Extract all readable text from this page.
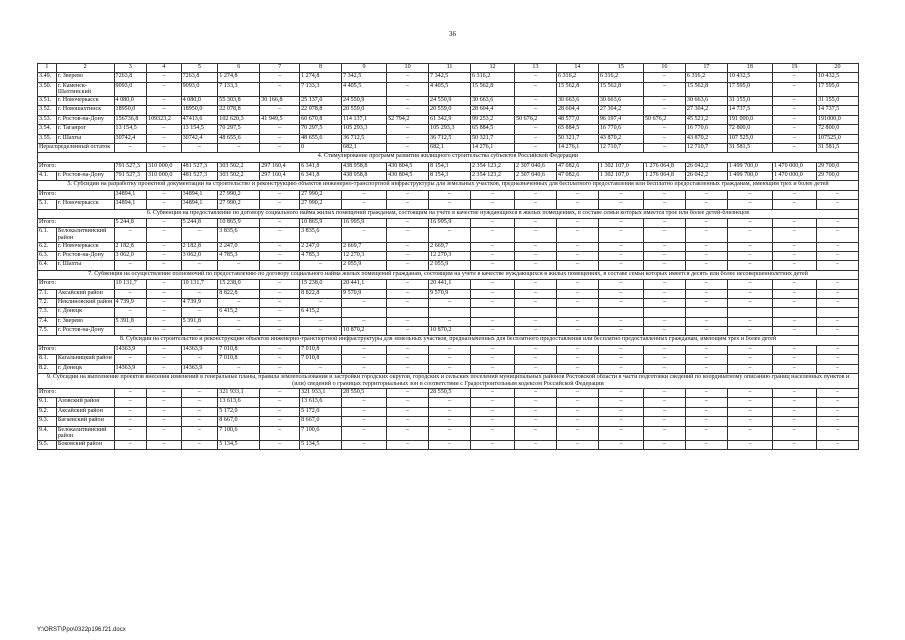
36
1	2	3	4	5	6	7	8	9	10	11	12	13	14	15	16	17	18	19	20
3.49.	г. Зверево	7263,8	–	7263,8	1 274,8	–	1 274,8	7 342,5	–	7 342,5	6 316,2	–	6 316,2	6 316,2	–	6 316,2	10 432,5	–	10 432,5
3.50.	г. Каменск-Шахтинский	9093,0	–	9093,0	7 133,3	–	7 133,3	4 405,5	–	4 405,5	15 562,8	–	15 562,8	15 562,8	–	15 562,8	17 595,0	–	17 595,0
3.51.	г. Новочеркасск	4 080,0	–	4 080,0	55 303,8	30 166,8	25 137,0	24 550,9	–	24 550,9	30 663,6	–	30 663,6	30 663,6	–	30 663,6	31 155,0	–	31 155,0
3.52.	г. Новошахтинск	18950,0	–	18950,0	22 078,8	–	22 078,8	20 559,0	–	20 559,0	28 604,4	–	28 604,4	27 304,2	–	27 304,2	14 737,5	–	14 737,5
3.53.	г. Ростов-на-Дону	156736,8	109323,2	47413,6	102 620,3	41 949,5	60 670,8	114 137,1	52 794,2	61 342,9	99 253,2	50 676,2	48 577,0	96 197,4	50 676,2	45 521,2	191 000,0	–	191000,0
3.54.	г. Таганрог	13 154,5	–	13 154,5	70 297,5	–	70 297,5	105 293,3	–	105 293,3	65 884,5	–	65 884,5	16 770,6	–	16 770,6	72 800,0	–	72 800,0
3.55.	г. Шахты	30742,4	–	30742,4	48 655,6	–	48 655,6	36 712,5	–	36 712,5	50 321,7	–	50 321,7	43 870,2	–	43 870,2	107 525,0	–	107525,0
Нераспределенный остаток		–	–	–	–	–	0	682,1	–	682,1	14 276,1	–	14 276,1	12 710,7	–	12 710,7	31 581,5	–	31 581,5
4. Стимулирование программ развития жилищного строительства субъектов Российской Федерации																			
Итого:		791 527,3	310 000,0	481 527,3	303 502,2	297 160,4	6 341,8	438 958,8	430 804,5	8 154,3	2 354 123,2	2 307 040,6	47 082,6	1 302 107,0	1 276 064,8	26 042,2	1 499 700,0	1 470 000,0	29 700,0
4.1.	г. Ростов-на-Дону	791 527,3	310 000,0	481 527,3	303 502,2	297 160,4	6 341,8	438 958,8	430 804,5	8 154,3	2 354 123,2	2 307 040,6	47 082,6	1 302 107,0	1 276 064,8	26 042,2	1 499 700,0	1 470 000,0	29 700,0
5. Субсидии на разработку проектной документации на строительство и реконструкцию объектов инженерно-транспортной инфраструктуры для земельных участков, предназначенных для бесплатного предоставления или бесплатно предоставленных гражданам, имеющим трех и более детей																			
Итого:		34894,1	–	34894,1	27 990,2	–	27 990,2	–	–	–	–	–	–	–	–	–	–	–	–
5.1.	г. Новочеркасск	34894,1	–	34894,1	27 990,2	–	27 990,2	–	–	–	–	–	–	–	–	–	–	–	–
6. Субвенция на предоставление по договору социального найма жилых помещений гражданам, состоящим на учете в качестве нуждающихся в жилых помещениях, в составе семьи которых имеется трое или более детей-близнецов																			
Итого:		5 244,8	–	5 244,8	10 865,9	–	10 865,9	16 995,9	–	16 995,9	–	–	–	–	–	–	–	–	–
6.1.	Белокалитвинский район	–	–	–	3 835,6	–	3 835,6	–	–	–	–	–	–	–	–	–	–	–	–
6.2.	г. Новочеркасск	2 182,8	–	2 182,8	2 247,0	–	2 247,0	2 669,7	–	2 669,7	–	–	–	–	–	–	–	–	–
6.3.	г. Ростов-на-Дону	3 062,0	–	3 062,0	4 785,3	–	4 785,3	12 270,3	–	12 270,3	–	–	–	–	–	–	–	–	–
6.4.	г. Шахты	–	–	–	–	–	–	2 055,9	–	2 055,9	–	–	–	–	–	–	–	–	–
7. Субвенция на осуществление полномочий по предоставлению по договору социального найма жилых помещений гражданам, состоящим на учете в качестве нуждающихся в жилых помещениях, в составе семьи которых имеется десять или более несовершеннолетних детей																			
Итого:		10 131,7	–	10 131,7	15 238,0	–	15 238,0	20 441,1	–	20 441,1	–	–	–	–	–	–	–	–	–
7.1.	Аксайский район	–	–	–	8 822,8	–	8 822,8	9 570,9	–	9 570,9	–	–	–	–	–	–	–	–	–
7.2.	Неклиновский район	4 739,9	–	4 739,9	–	–	–	–	–	–	–	–	–	–	–	–	–	–	–
7.3.	г. Донецк	–	–	–	6 415,2	–	6 415,2												
7.4.	г. Зверево	5 391,8	–	5 391,8	–	–	–	–	–	–	–	–	–	–	–	–	–	–	–
7.5.	г. Ростов-на-Дону	–	–	–	–	–	–	10 870,2	–	10 870,2	–	–	–	–	–	–	–	–	–
8. Субсидии на строительство и реконструкцию объектов инженерно-транспортной инфраструктуры для земельных участков, предназначенных для бесплатного предоставления или бесплатно предоставленных гражданам, имеющим трех и более детей																			
Итого:		14363,9	–	14363,9	7 010,8	–	7 010,8	–	–	–	–	–	–	–	–	–	–	–	–
8.1.	Кагальницкий район	–	–	–	7 010,8	–	7 010,8	–	–	–	–	–	–	–	–	–	–	–	–
8.2.	г. Донецк	14363,9	–	14363,9	–	–	–	–	–	–	–	–	–	–	–	–	–	–	–
9. Субсидии на выполнение проектов внесения изменений в генеральные планы, правила землепользования и застройки городских округов, городских и сельских поселений муниципальных районов Ростовской области в части подготовки сведений по координатному описанию границ населенных пунктов и (или) сведений о границах территориальных зон в соответствии с Градостроительным кодексом Российской Федерации																			
Итого:		–	–	–	321 933,1	–	321 933,1	28 550,5	–	28 550,5	–	–	–	–	–	–	–	–	–
9.1.	Азовский район	–	–	–	13 613,6	–	13 613,6	–	–	–	–	–	–	–	–	–	–	–	–
9.2.	Аксайский район	–	–	–	5 172,0	–	5 172,0	–	–	–	–	–	–	–	–	–	–	–	–
9.3.	Багаевский район	–	–	–	8 667,0	–	8 667,0	–	–	–	–	–	–	–	–	–	–	–	–
9.4.	Белокалитвинский район	–	–	–	7 100,6	–	7 100,6	–	–	–	–	–	–	–	–	–	–	–	–
9.5.	Боковский район	–	–	–	5 134,5	–	5 134,5	–	–	–	–	–	–	–	–	–	–	–	–
Y:\ORST\Ppo\0322p196.f21.docx
